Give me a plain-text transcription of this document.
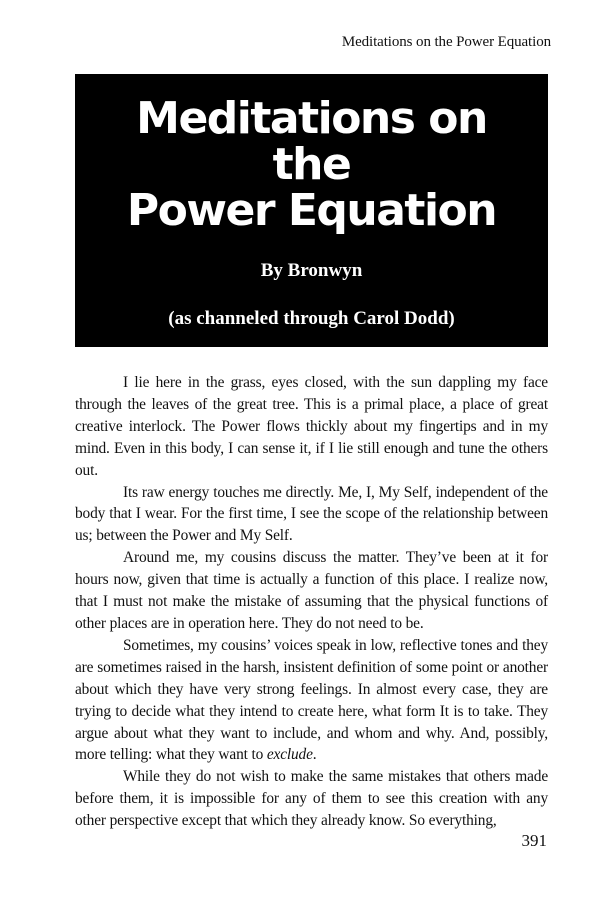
Meditations on the Power Equation
Meditations on
the
Power Equation
By Bronwyn
(as channeled through Carol Dodd)

I lie here in the grass, eyes closed, with the sun dappling my face through the leaves of the great tree. This is a primal place, a place of great creative interlock. The Power flows thickly about my fingertips and in my mind. Even in this body, I can sense it, if I lie still enough and tune the others out.

Its raw energy touches me directly. Me, I, My Self, independent of the body that I wear. For the first time, I see the scope of the relationship between us; between the Power and My Self.

Around me, my cousins discuss the matter. They’ve been at it for hours now, given that time is actually a function of this place. I realize now, that I must not make the mistake of assuming that the physical functions of other places are in operation here. They do not need to be.

Sometimes, my cousins’ voices speak in low, reflective tones and they are sometimes raised in the harsh, insistent definition of some point or another about which they have very strong feelings. In almost every case, they are trying to decide what they intend to create here, what form It is to take. They argue about what they want to include, and whom and why. And, possibly, more telling: what they want to exclude.

While they do not wish to make the same mistakes that others made before them, it is impossible for any of them to see this creation with any other perspective except that which they already know. So everything,

391
